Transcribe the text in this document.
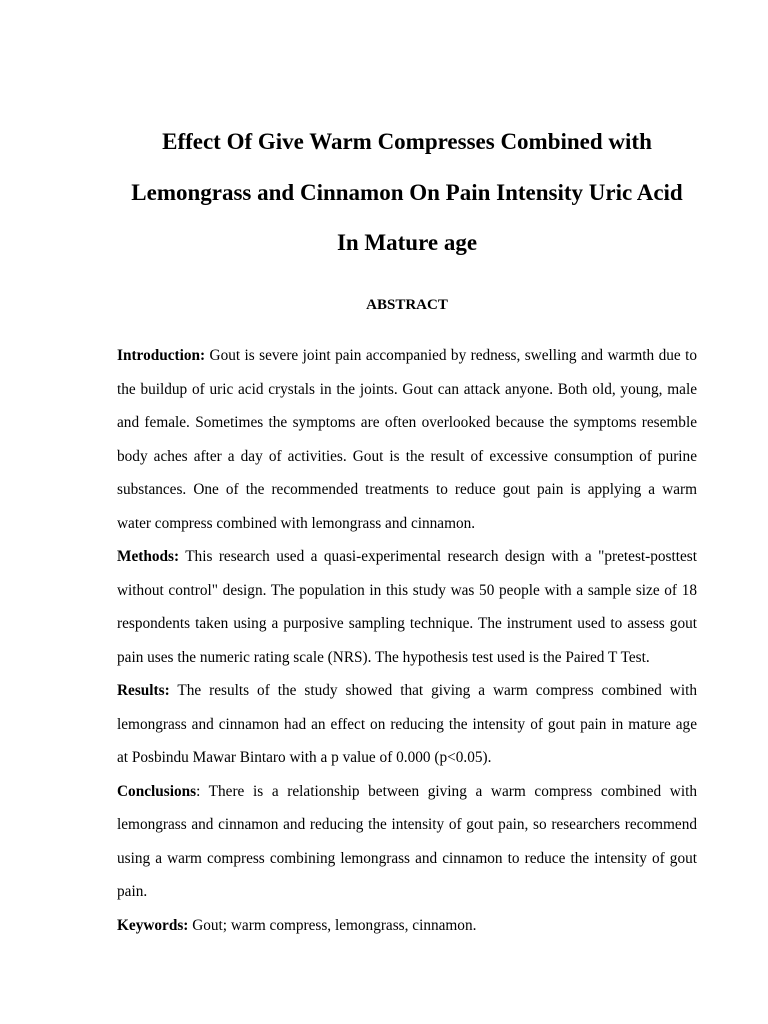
Effect Of Give Warm Compresses Combined with
Lemongrass and Cinnamon On Pain Intensity Uric Acid
In Mature age
ABSTRACT
Introduction: Gout is severe joint pain accompanied by redness, swelling and warmth due to
the buildup of uric acid crystals in the joints. Gout can attack anyone. Both old, young, male
and female. Sometimes the symptoms are often overlooked because the symptoms resemble
body aches after a day of activities. Gout is the result of excessive consumption of purine
substances. One of the recommended treatments to reduce gout pain is applying a warm
water compress combined with lemongrass and cinnamon.
Methods: This research used a quasi-experimental research design with a "pretest-posttest
without control" design. The population in this study was 50 people with a sample size of 18
respondents taken using a purposive sampling technique. The instrument used to assess gout
pain uses the numeric rating scale (NRS). The hypothesis test used is the Paired T Test.
Results: The results of the study showed that giving a warm compress combined with
lemongrass and cinnamon had an effect on reducing the intensity of gout pain in mature age
at Posbindu Mawar Bintaro with a p value of 0.000 (p<0.05).
Conclusions: There is a relationship between giving a warm compress combined with
lemongrass and cinnamon and reducing the intensity of gout pain, so researchers recommend
using a warm compress combining lemongrass and cinnamon to reduce the intensity of gout
pain.
Keywords: Gout; warm compress, lemongrass, cinnamon.
